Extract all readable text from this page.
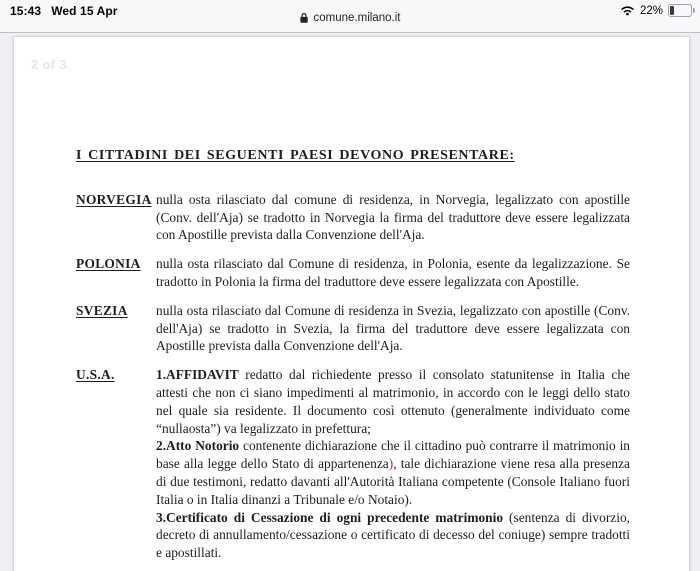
15:43 Wed 15 Apr	comune.milano.it
22%
2 of 3
I CITTADINI DEI SEGUENTI PAESI DEVONO PRESENTARE:
NORVEGIA nulla osta rilasciato dal comune di residenza, in Norvegia, legalizzato con apostille (Conv. dell'Aja) se tradotto in Norvegia la firma del traduttore deve essere legalizzata con Apostille prevista dalla Convenzione dell'Aja.

POLONIA	nulla osta rilasciato dal Comune di residenza, in Polonia, esente da legalizzazione. Se tradotto in Polonia la firma del traduttore deve essere legalizzata con Apostille.

SVEZIA	nulla osta rilasciato dal Comune di residenza in Svezia, legalizzato con apostille (Conv. dell'Aja) se tradotto in Svezia, la firma del traduttore deve essere legalizzata con Apostille prevista dalla Convenzione dell'Aja.

U.S.A.	1.AFFIDAVIT redatto dal richiedente presso il consolato statunitense in Italia che attesti che non ci siano impedimenti al matrimonio, in accordo con le leggi dello stato nel quale sia residente. Il documento così ottenuto (generalmente individuato come “nullaosta”) va legalizzato in prefettura;

2.Atto Notorio contenente dichiarazione che il cittadino può contrarre il matrimonio in base alla legge dello Stato di appartenenza), tale dichiarazione viene resa alla presenza di due testimoni, redatto davanti all'Autorità Italiana competente (Console Italiano fuori Italia o in Italia dinanzi a Tribunale e/o Notaio).

3.Certificato di Cessazione di ogni precedente matrimonio (sentenza di divorzio, decreto di annullamento/cessazione o certificato di decesso del coniuge) sempre tradotti e apostillati.
